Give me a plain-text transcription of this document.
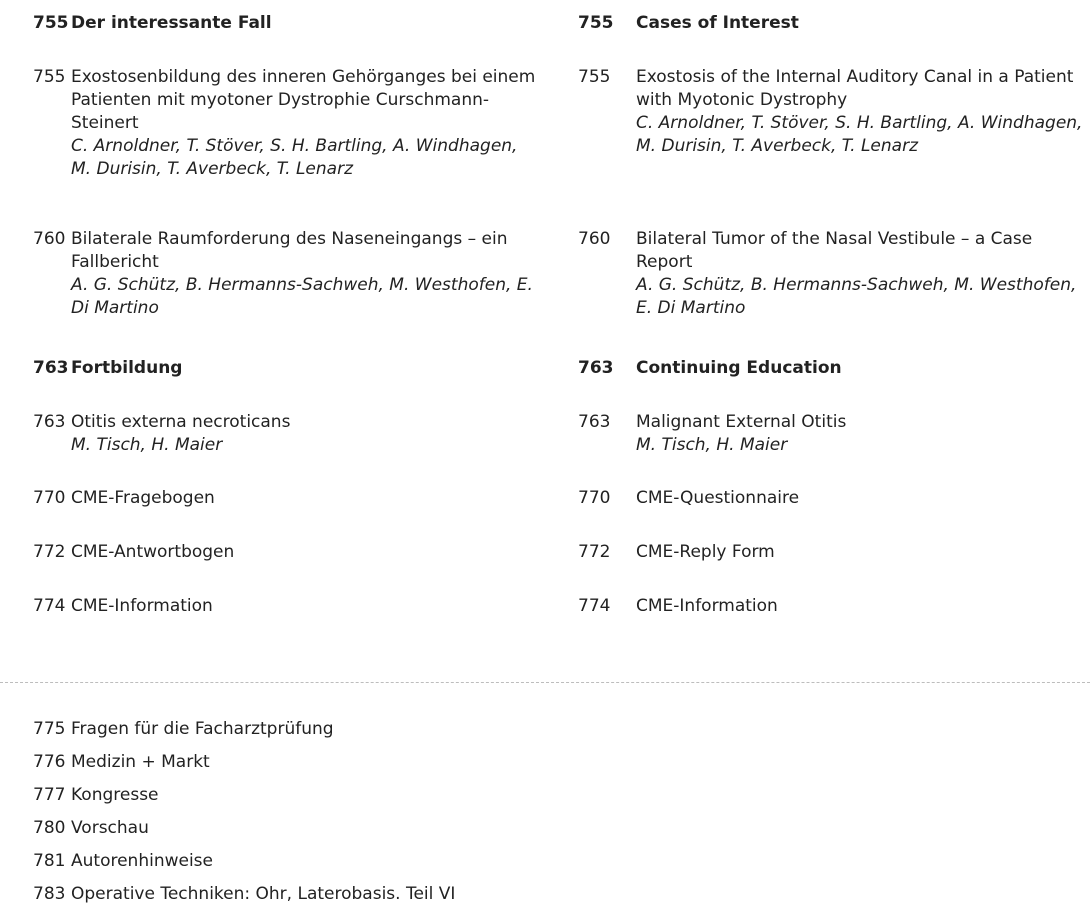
755 Der interessante Fall
755 Exostosenbildung des inneren Gehörganges bei einem Patienten mit myotoner Dystrophie Curschmann-Steinert
C. Arnoldner, T. Stöver, S. H. Bartling, A. Windhagen, M. Durisin, T. Averbeck, T. Lenarz
760 Bilaterale Raumforderung des Naseneingangs – ein Fallbericht
A. G. Schütz, B. Hermanns-Sachweh, M. Westhofen, E. Di Martino
763 Fortbildung
763 Otitis externa necroticans
M. Tisch, H. Maier
770 CME-Fragebogen
772 CME-Antwortbogen
774 CME-Information
755	Cases of Interest
755	Exostosis of the Internal Auditory Canal in a Patient with Myotonic Dystrophy
C. Arnoldner, T. Stöver, S. H. Bartling, A. Windhagen, M. Durisin, T. Averbeck, T. Lenarz
760	Bilateral Tumor of the Nasal Vestibule – a Case Report
A. G. Schütz, B. Hermanns-Sachweh, M. Westhofen, E. Di Martino
763	Continuing Education
763	Malignant External Otitis
M. Tisch, H. Maier
770	CME-Questionnaire
772	CME-Reply Form
774	CME-Information
775 Fragen für die Facharztprüfung
776 Medizin + Markt
777 Kongresse
780 Vorschau
781 Autorenhinweise
783 Operative Techniken: Ohr, Laterobasis. Teil VI
